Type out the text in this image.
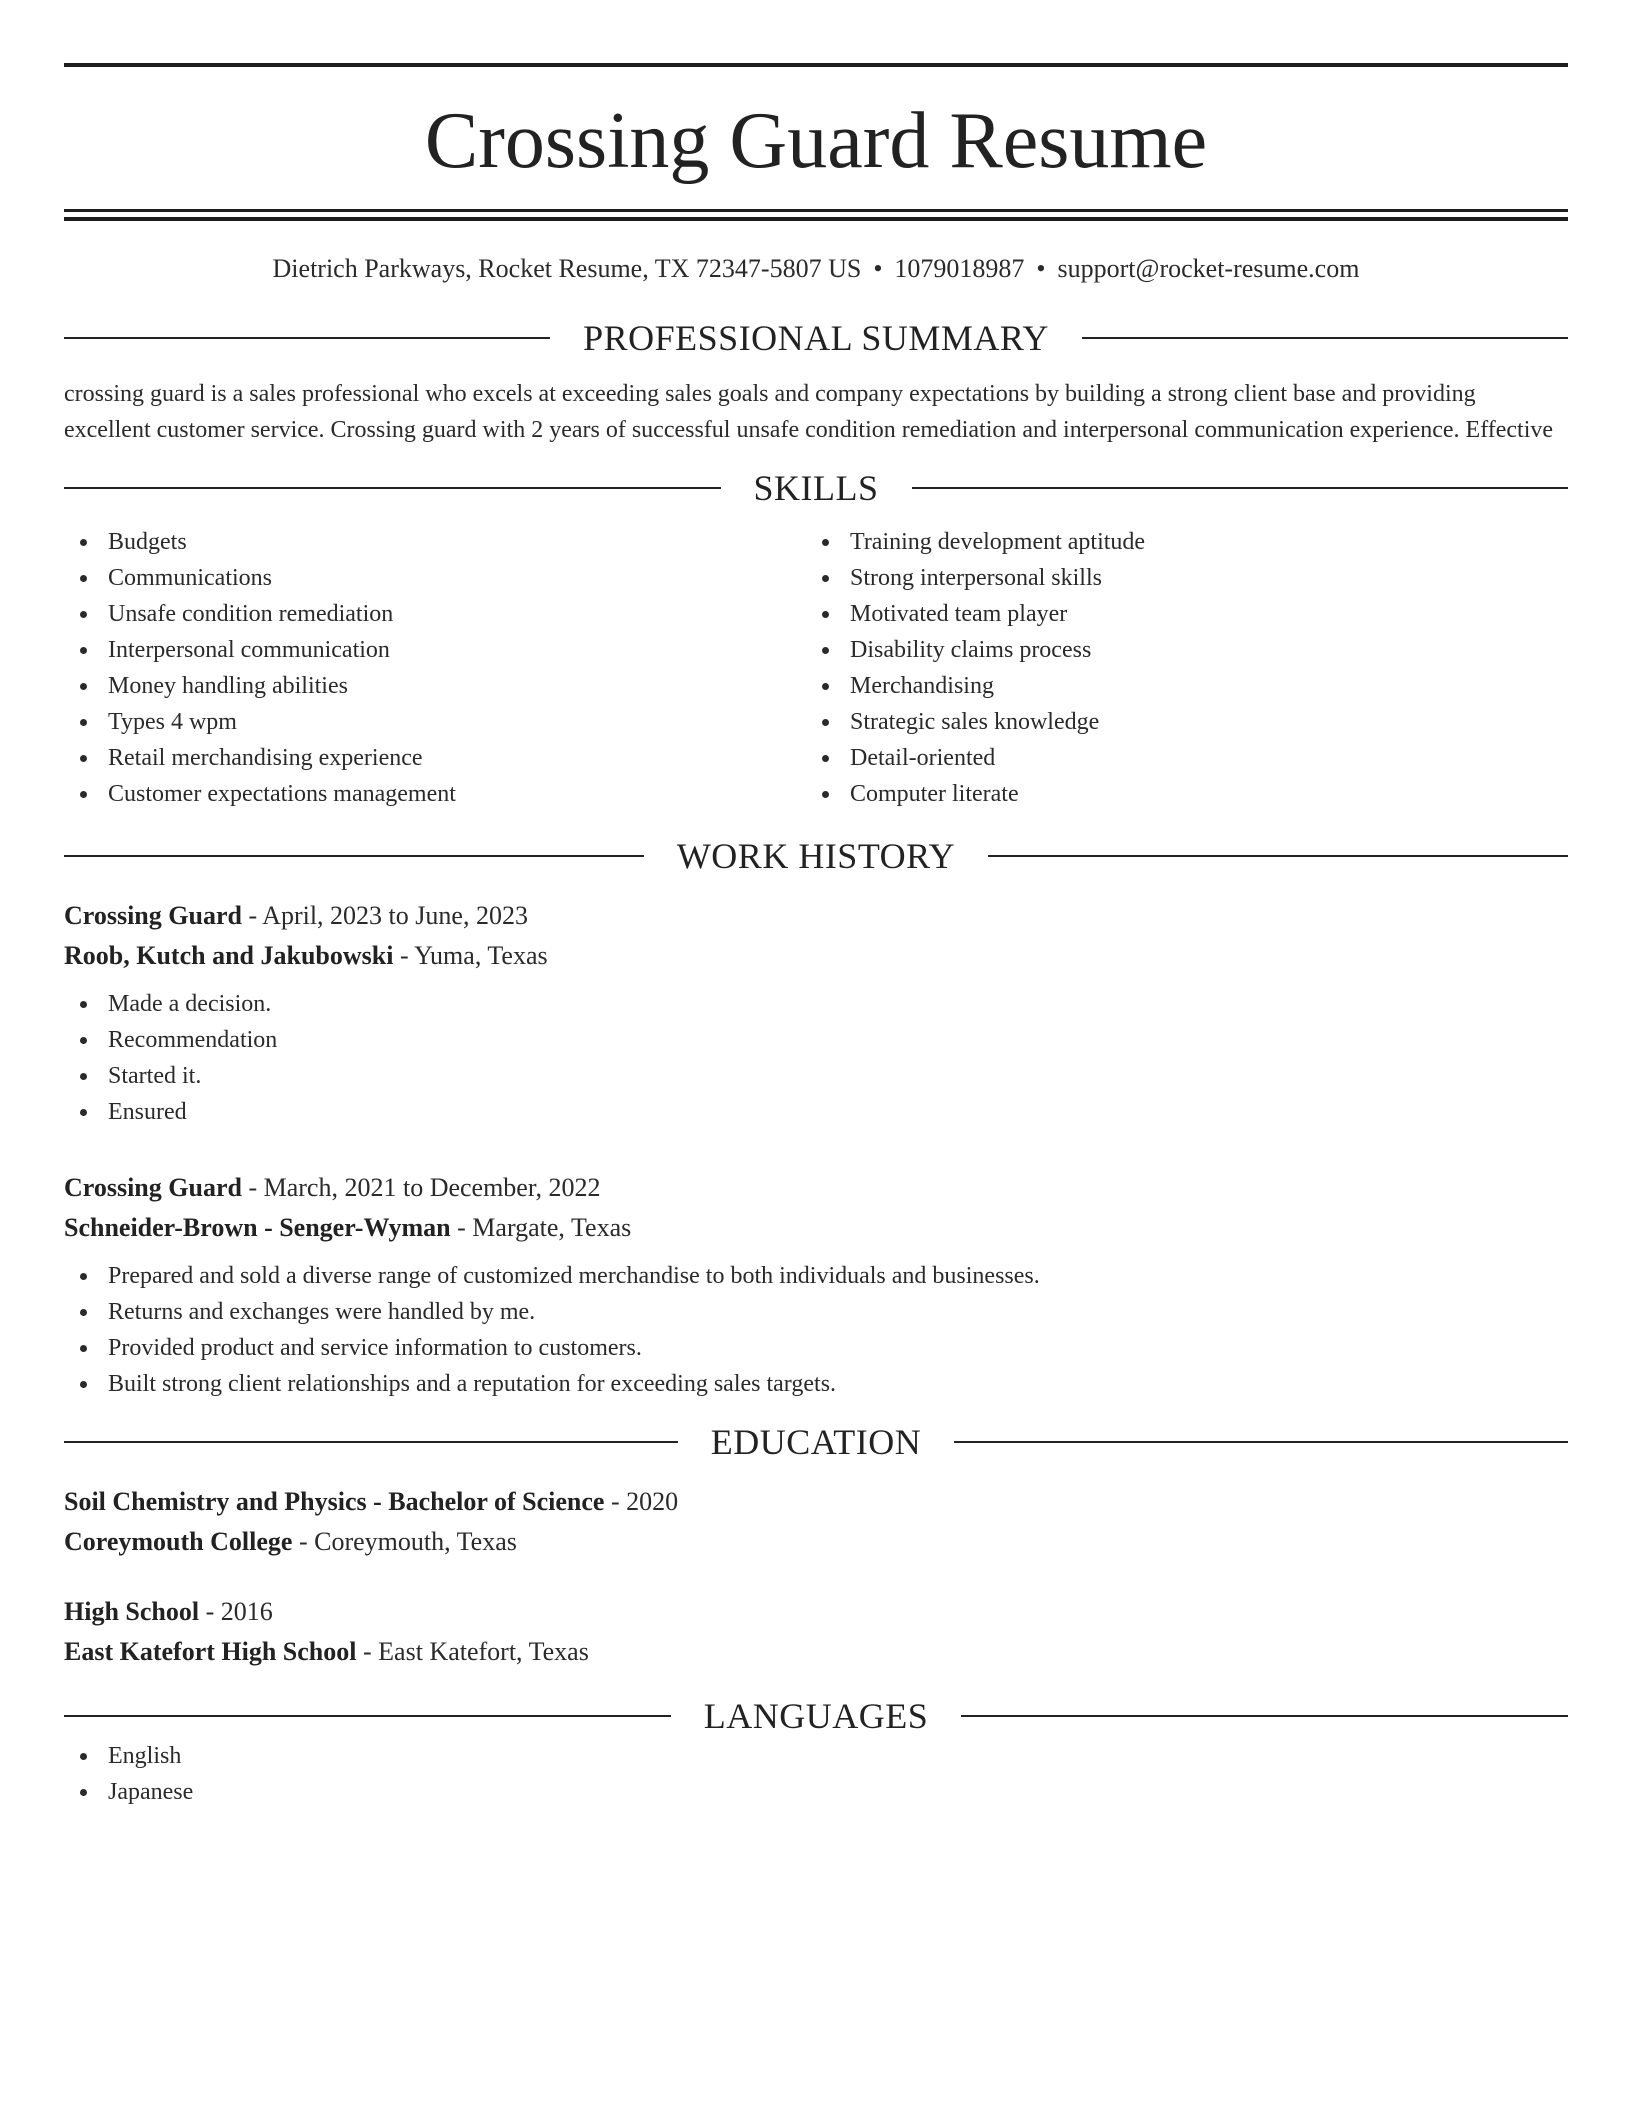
Crossing Guard Resume
Dietrich Parkways, Rocket Resume, TX 72347-5807 US • 1079018987 • support@rocket-resume.com
PROFESSIONAL SUMMARY
crossing guard is a sales professional who excels at exceeding sales goals and company expectations by building a strong client base and providing excellent customer service. Crossing guard with 2 years of successful unsafe condition remediation and interpersonal communication experience. Effective
SKILLS
Budgets
Communications
Unsafe condition remediation
Interpersonal communication
Money handling abilities
Types 4 wpm
Retail merchandising experience
Customer expectations management
Training development aptitude
Strong interpersonal skills
Motivated team player
Disability claims process
Merchandising
Strategic sales knowledge
Detail-oriented
Computer literate
WORK HISTORY
Crossing Guard - April, 2023 to June, 2023
Roob, Kutch and Jakubowski - Yuma, Texas
Made a decision.
Recommendation
Started it.
Ensured
Crossing Guard - March, 2021 to December, 2022
Schneider-Brown - Senger-Wyman - Margate, Texas
Prepared and sold a diverse range of customized merchandise to both individuals and businesses.
Returns and exchanges were handled by me.
Provided product and service information to customers.
Built strong client relationships and a reputation for exceeding sales targets.
EDUCATION
Soil Chemistry and Physics - Bachelor of Science - 2020
Coreymouth College - Coreymouth, Texas
High School - 2016
East Katefort High School - East Katefort, Texas
LANGUAGES
English
Japanese
